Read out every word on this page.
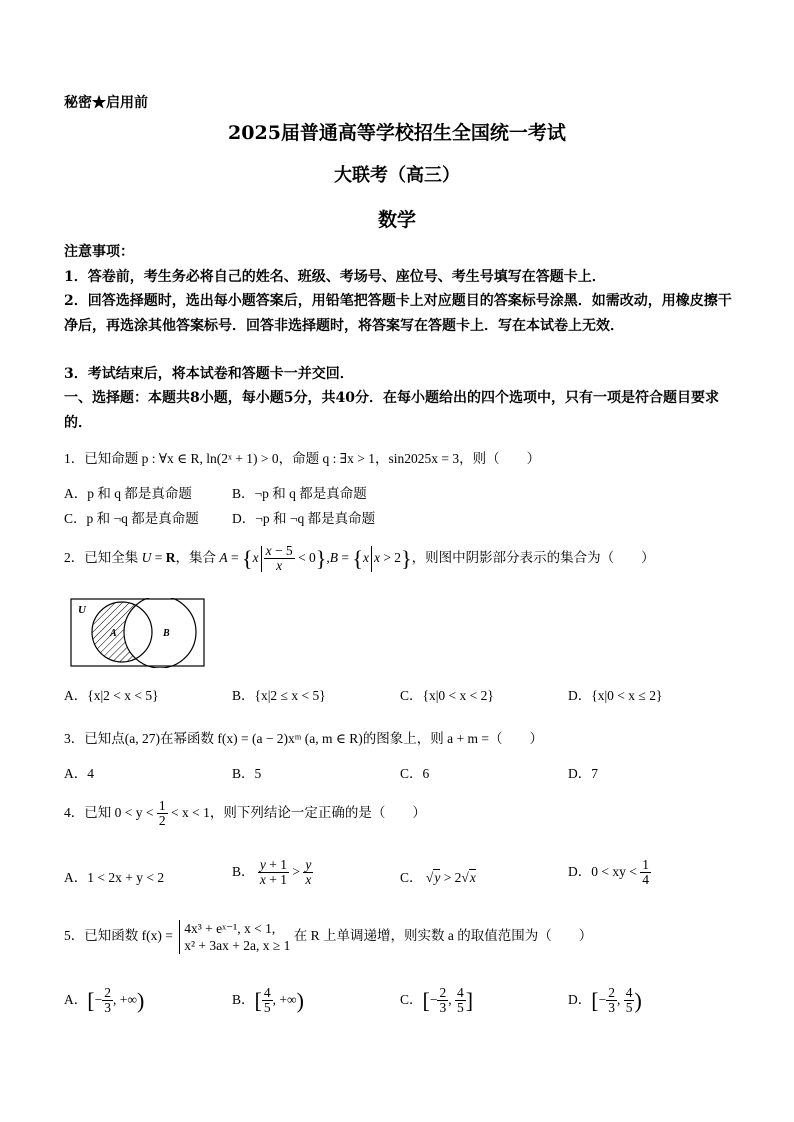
秘密★启用前
2025届普通高等学校招生全国统一考试
大联考（高三）
数学
注意事项：
1．答卷前，考生务必将自己的姓名、班级、考场号、座位号、考生号填写在答题卡上．
2．回答选择题时，选出每小题答案后，用铅笔把答题卡上对应题目的答案标号涂黑．如需改动，用橡皮擦干净后，再选涂其他答案标号．回答非选择题时，将答案写在答题卡上．写在本试卷上无效．
3．考试结束后，将本试卷和答题卡一并交回．
一、选择题：本题共8小题，每小题5分，共40分．在每小题给出的四个选项中，只有一项是符合题目要求的．
1．已知命题 p : ∀x ∈ R, ln(2ˣ + 1) > 0，命题 q : ∃x > 1，sin2025x = 3，则（　　）
A．p 和 q 都是真命题	B．¬p 和 q 都是真命题
C．p 和 ¬q 都是真命题 D．¬p 和 ¬q 都是真命题
2．已知全集 U = R，集合 $A = \{x \frac{x - 5}{x} < 0\},B = \{x$ x > 2}，则图中阴影部分表示的集合为（　　）
U
A	B
A．{x|2 < x < 5}	B．{x|2 ≤ x < 5}	C．{x|0 < x < 2}	D．{x|0 < x ≤ 2}
3．已知点(a, 27)在幂函数 f(x) = (a − 2)xᵐ (a, m ∈ R)的图象上，则 a + m =（　　）
A．4	B．5	C．6	D．7
4．已知 $0 < y < \frac{1}{2} < x < 1$，则下列结论一定正确的是（　　）
A．1 < 2x + y < 2	B． $\frac{y + 1}{x + 1} > \frac{y}{x}$	C． √y > 2√x	D．0 < xy < $\frac{1}{4}$
5．已知函数 f(x) = 4x³ + eˣ⁻¹, x < 1,
x² + 3ax + 2a, x ≥ 1
在 R 上单调递增，则实数 a 的取值范围为（　　）
A．[− $\frac{2}{3}$ , +∞)	B．[ $\frac{4}{5}$ , +∞)	C．[− $\frac{2}{3}$ , $\frac{4}{5}$ ]	D．[− $\frac{2}{3}$ , $\frac{4}{5}$ )
